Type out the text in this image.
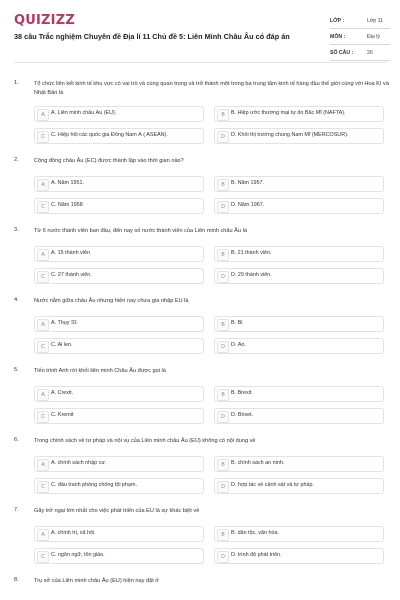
QUIZIZZ
38 câu Trắc nghiệm Chuyên đề Địa lí 11 Chủ đề 5: Liên Minh Châu Âu có đáp án
LỚP :	Lớp 11
MÔN :	Địa lý
SỐ CÂU :	26
1.	Tổ chức liên kết kinh tế khu vực có vai trò và cùng quan trọng và trở thành một trong ba trung tâm kinh tế hàng đầu thế giới cùng với Hoa Kì và Nhật Bản là
A	A. Liên minh châu Âu (EU).	B	B. Hiệp ước thương mại tự do Bắc Mĩ (NAFTA).
C	C. Hiệp hội các quốc gia Đông Nam Á ( ASEAN).	D	D. Khối thị trường chung Nam Mĩ (MERCOSUR).
2.	Cộng đồng châu Âu (EC) được thành lập vào thời gian nào?
A	A. Năm 1951.	B	B. Năm 1957.
C	C. Năm 1958	D	D. Năm 1967.
3.	Từ 6 nước thành viên ban đầu, đến nay số nước thành viên của Liên minh châu Âu là
A	A. 15 thành viên	B	B. 21 thành viên.
C	C. 27 thành viên.	D	D. 29 thành viên.
4.	Nước nằm giữa châu Âu nhưng hiện nay chưa gia nhập EU là
A	A. Thụy Sĩ.	B	B. Bỉ.
C	C. Ai len.	D	D. Áo.
5.	Tiến trình Anh rời khỏi liên minh Châu Âu được gọi là
A	A. Crexit.	B	B. Brexit.
C	C. Kremit	D	D. Brixet.
6.	Trong chính sách về tư pháp và nội vụ của Liên minh châu Âu (EU) không có nội dung về
A	A. chính sách nhập cư.	B	B. chính sách an ninh.
C	C. đấu tranh phòng chống tội phạm.	D	D. hợp tác về cảnh sát và tư pháp.
7.	Gây trở ngại lớn nhất cho việc phát triển của EU là sự khác biệt về
A	A. chính trị, xã hội.	B	B. dân tộc, văn hóa.
C	C. ngôn ngữ, tôn giáo.	D	D. trình độ phát triển.
8.	Trụ sở của Liên minh châu Âu (EU) hiện nay đặt ở
